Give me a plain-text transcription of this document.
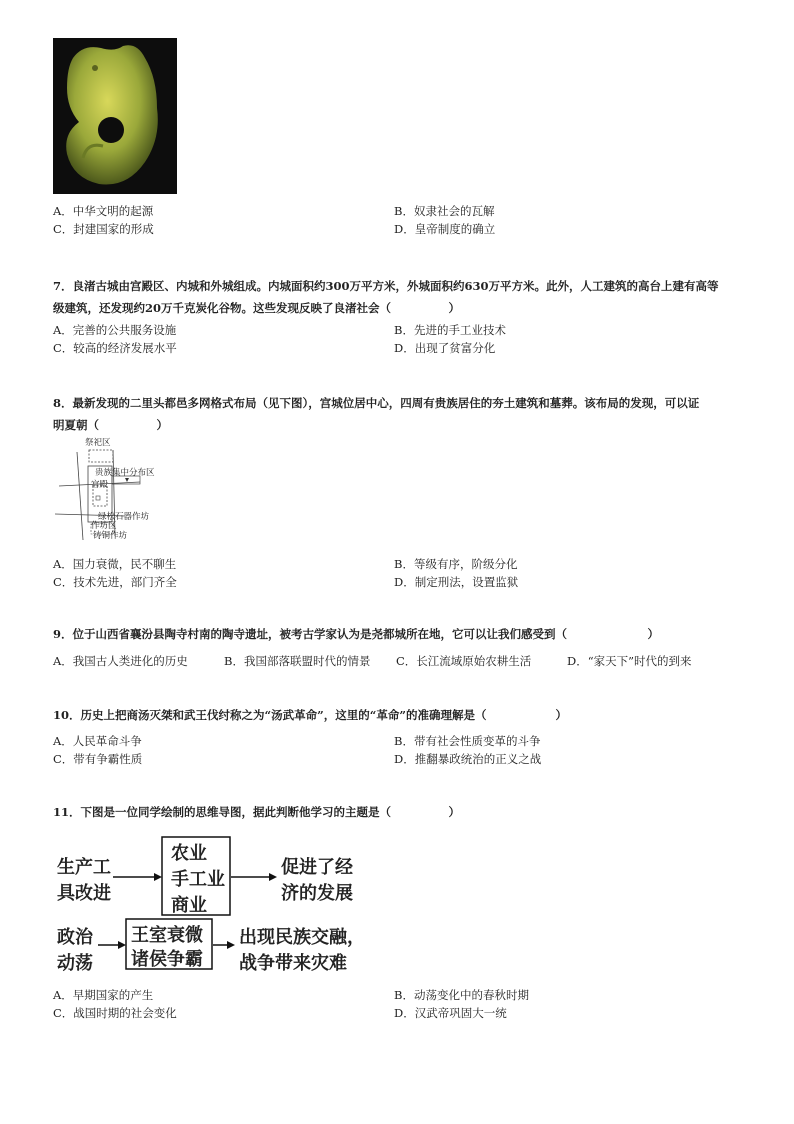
A．中华文明的起源	B．奴隶社会的瓦解
C．封建国家的形成	D．皇帝制度的确立
7．良渚古城由宫殿区、内城和外城组成。内城面积约300万平方米，外城面积约630万平方米。此外，人工建筑的高台上建有高等
级建筑，还发现约20万千克炭化谷物。这些发现反映了良渚社会（　　　　　）
A．完善的公共服务设施	B．先进的手工业技术
C．较高的经济发展水平	D．出现了贫富分化
8．最新发现的二里头都邑多网格式布局（见下图），宫城位居中心，四周有贵族居住的夯土建筑和墓葬。该布局的发现，可以证
明夏朝（　　　　　）
祭祀区
贵族集中分布区
宫殿
绿松石器作坊
作坊区
铸铜作坊
A．国力衰微，民不聊生	B．等级有序，阶级分化
C．技术先进，部门齐全	D．制定刑法，设置监狱
9．位于山西省襄汾县陶寺村南的陶寺遗址，被考古学家认为是尧都城所在地，它可以让我们感受到（　　　　　　　）
A．我国古人类进化的历史	B．我国部落联盟时代的情景 C．长江流域原始农耕生活	D．“家天下”时代的到来
10．历史上把商汤灭桀和武王伐纣称之为“汤武革命”，这里的“革命”的准确理解是（　　　　　　）
A．人民革命斗争	B．带有社会性质变革的斗争
C．带有争霸性质	D．推翻暴政统治的正义之战
11．下图是一位同学绘制的思维导图，据此判断他学习的主题是（　　　　　）
生产工
具改进
农业
手工业
商业
促进了经
济的发展
政治
动荡
王室衰微
诸侯争霸
出现民族交融，
战争带来灾难
A．早期国家的产生	B．动荡变化中的春秋时期
C．战国时期的社会变化	D．汉武帝巩固大一统
